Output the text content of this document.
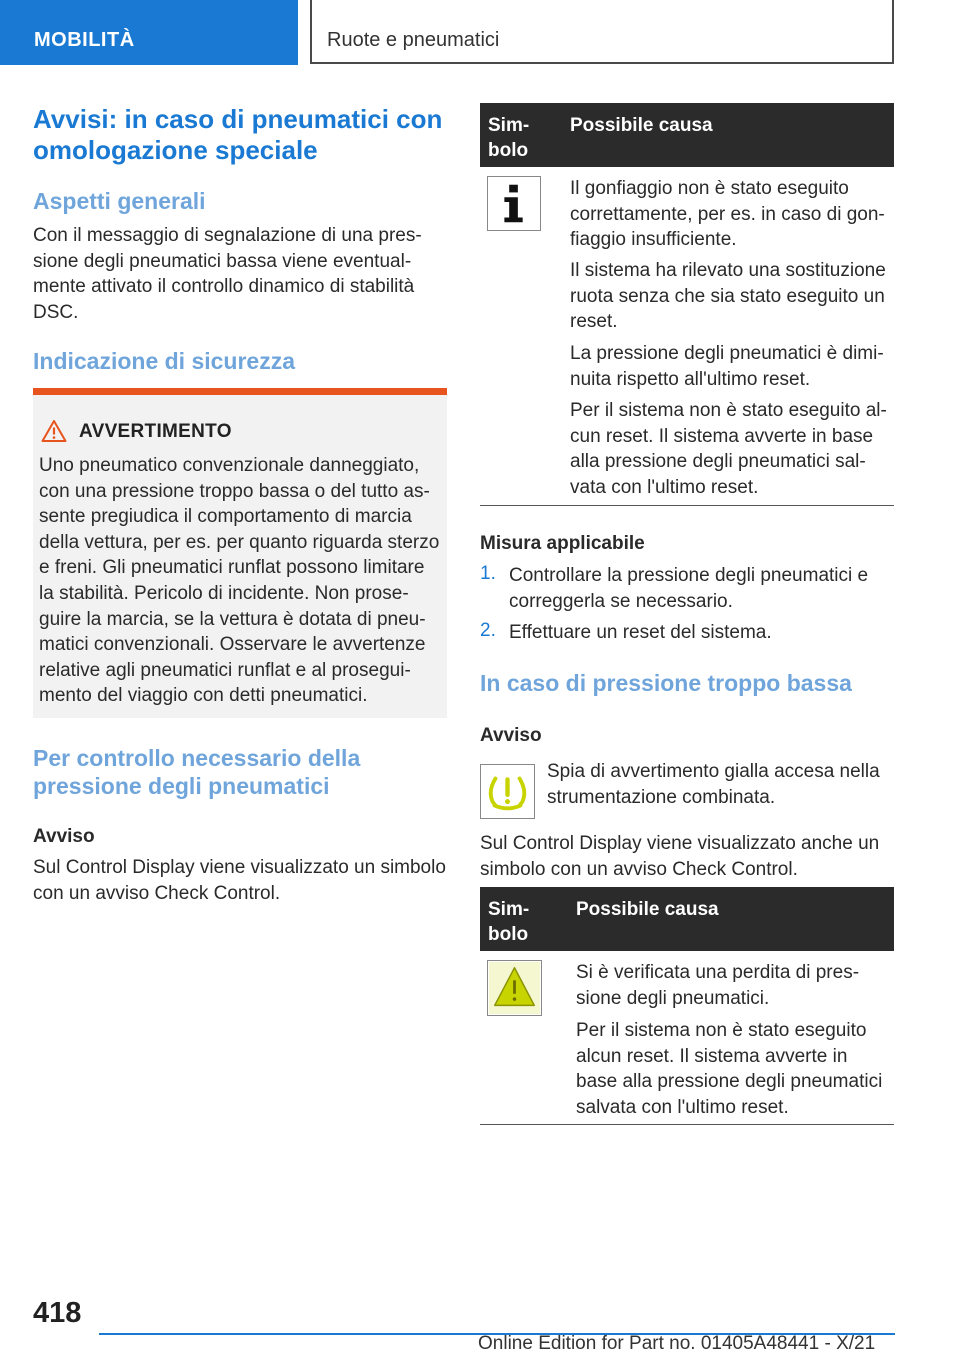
MOBILITÀ	Ruote e pneumatici
Avvisi: in caso di pneumatici con omologazione speciale
Aspetti generali
Con il messaggio di segnalazione di una pressione degli pneumatici bassa viene eventualmente attivato il controllo dinamico di stabilità DSC.
Indicazione di sicurezza
AVVERTIMENTO
Uno pneumatico convenzionale danneggiato, con una pressione troppo bassa o del tutto assente pregiudica il comportamento di marcia della vettura, per es. per quanto riguarda sterzo e freni. Gli pneumatici runflat possono limitare la stabilità. Pericolo di incidente. Non proseguire la marcia, se la vettura è dotata di pneumatici convenzionali. Osservare le avvertenze relative agli pneumatici runflat e al proseguimento del viaggio con detti pneumatici.
Per controllo necessario della pressione degli pneumatici
Avviso
Sul Control Display viene visualizzato un simbolo con un avviso Check Control.
Simbolo
Possibile causa
Il gonfiaggio non è stato eseguito correttamente, per es. in caso di gonfiaggio insufficiente.
Il sistema ha rilevato una sostituzione ruota senza che sia stato eseguito un reset.
La pressione degli pneumatici è diminuita rispetto all'ultimo reset.
Per il sistema non è stato eseguito alcun reset. Il sistema avverte in base alla pressione degli pneumatici salvata con l'ultimo reset.
Misura applicabile
1. Controllare la pressione degli pneumatici e correggerla se necessario.
2. Effettuare un reset del sistema.
In caso di pressione troppo bassa
Avviso
Spia di avvertimento gialla accesa nella strumentazione combinata.
Sul Control Display viene visualizzato anche un simbolo con un avviso Check Control.
Simbolo
Possibile causa
Si è verificata una perdita di pressione degli pneumatici.
Per il sistema non è stato eseguito alcun reset. Il sistema avverte in base alla pressione degli pneumatici salvata con l'ultimo reset.
418
Online Edition for Part no. 01405A48441 - X/21
